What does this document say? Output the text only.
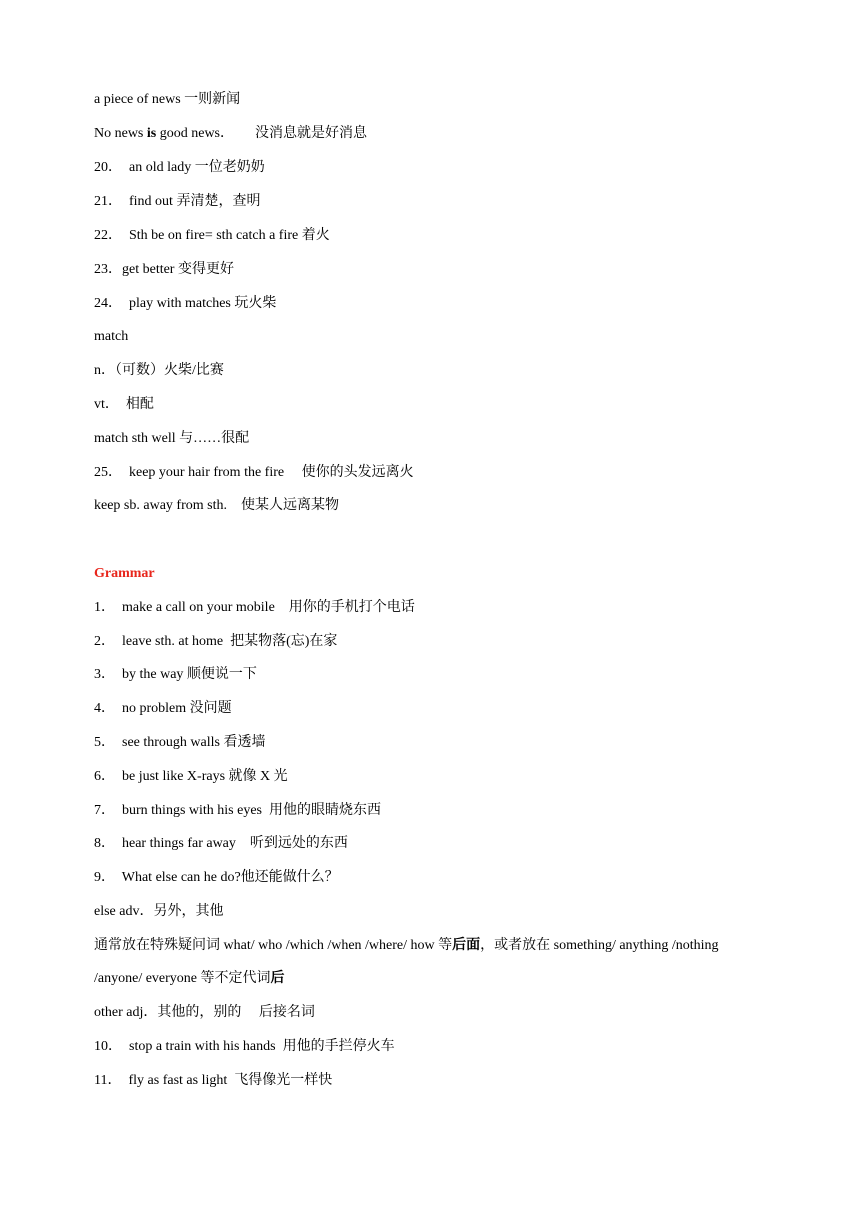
a piece of news 一则新闻
No news is good news．      没消息就是好消息
20．  an old lady 一位老奶奶
21．  find out 弄清楚，查明
22．  Sth be on fire= sth catch a fire 着火
23．get better 变得更好
24．  play with matches 玩火柴
match
n．（可数）火柴/比赛
vt．  相配
match sth well 与……很配
25．  keep your hair from the fire     使你的头发远离火
keep sb. away from sth.    使某人远离某物
Grammar
1．  make a call on your mobile    用你的手机打个电话
2．  leave sth. at home  把某物落(忘)在家
3．  by the way 顺便说一下
4．  no problem 没问题
5．  see through walls 看透墙
6．  be just like X-rays 就像 X 光
7．  burn things with his eyes  用他的眼睛烧东西
8．  hear things far away    听到远处的东西
9．  What else can he do?他还能做什么？
else adv．另外，其他
通常放在特殊疑问词 what/ who /which /when /where/ how 等后面，或者放在 something/ anything /nothing
/anyone/ everyone 等不定代词后
other adj．其他的，别的     后接名词
10．  stop a train with his hands  用他的手拦停火车
11．  fly as fast as light  飞得像光一样快
